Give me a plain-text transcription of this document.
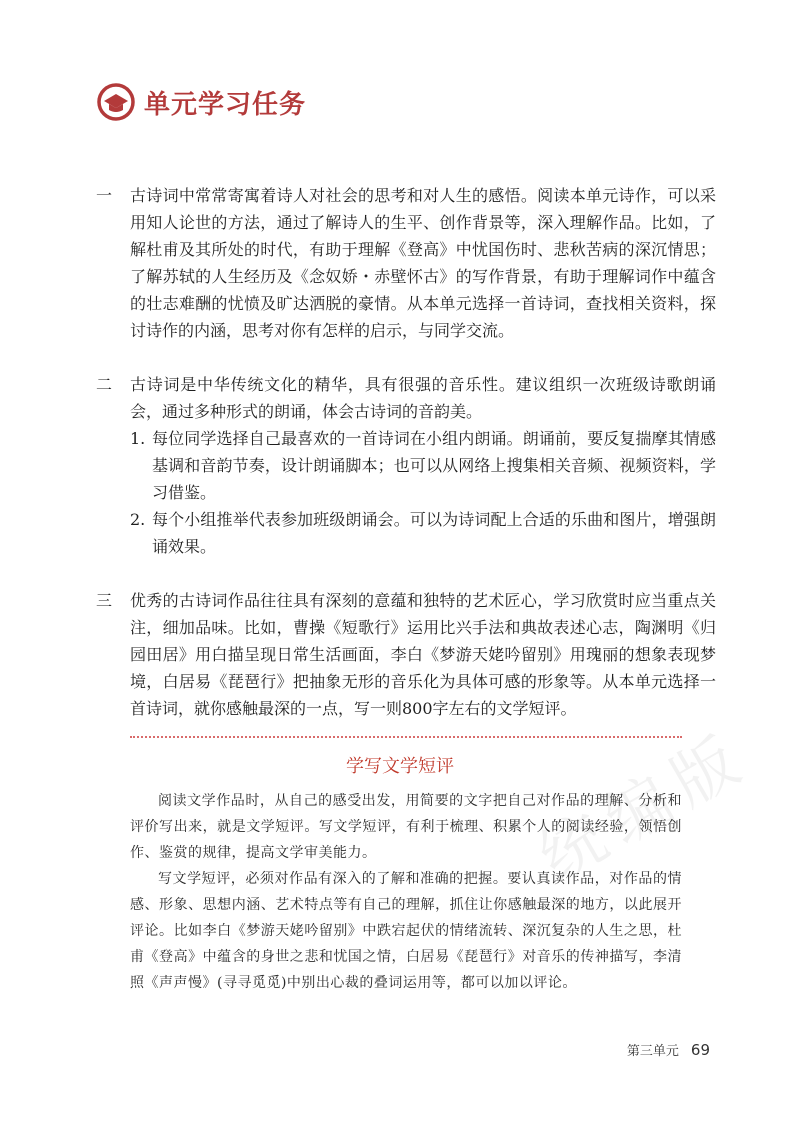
单元学习任务
一	古诗词中常常寄寓着诗人对社会的思考和对人生的感悟。阅读本单元诗作，可以采用知人论世的方法，通过了解诗人的生平、创作背景等，深入理解作品。比如，了解杜甫及其所处的时代，有助于理解《登高》中忧国伤时、悲秋苦病的深沉情思；了解苏轼的人生经历及《念奴娇・赤壁怀古》的写作背景，有助于理解词作中蕴含的壮志难酬的忧愤及旷达洒脱的豪情。从本单元选择一首诗词，查找相关资料，探讨诗作的内涵，思考对你有怎样的启示，与同学交流。
二	古诗词是中华传统文化的精华，具有很强的音乐性。建议组织一次班级诗歌朗诵会，通过多种形式的朗诵，体会古诗词的音韵美。
1. 每位同学选择自己最喜欢的一首诗词在小组内朗诵。朗诵前，要反复揣摩其情感基调和音韵节奏，设计朗诵脚本；也可以从网络上搜集相关音频、视频资料，学习借鉴。
2. 每个小组推举代表参加班级朗诵会。可以为诗词配上合适的乐曲和图片，增强朗诵效果。
三	优秀的古诗词作品往往具有深刻的意蕴和独特的艺术匠心，学习欣赏时应当重点关注，细加品味。比如，曹操《短歌行》运用比兴手法和典故表述心志，陶渊明《归园田居》用白描呈现日常生活画面，李白《梦游天姥吟留别》用瑰丽的想象表现梦境，白居易《琵琶行》把抽象无形的音乐化为具体可感的形象等。从本单元选择一首诗词，就你感触最深的一点，写一则800字左右的文学短评。
学写文学短评

阅读文学作品时，从自己的感受出发，用简要的文字把自己对作品的理解、分析和评价写出来，就是文学短评。写文学短评，有利于梳理、积累个人的阅读经验，领悟创作、鉴赏的规律，提高文学审美能力。

写文学短评，必须对作品有深入的了解和准确的把握。要认真读作品，对作品的情感、形象、思想内涵、艺术特点等有自己的理解，抓住让你感触最深的地方，以此展开评论。比如李白《梦游天姥吟留别》中跌宕起伏的情绪流转、深沉复杂的人生之思，杜甫《登高》中蕴含的身世之悲和忧国之情，白居易《琵琶行》对音乐的传神描写，李清照《声声慢》(寻寻觅觅)中别出心裁的叠词运用等，都可以加以评论。

统编版
第三单元 69
